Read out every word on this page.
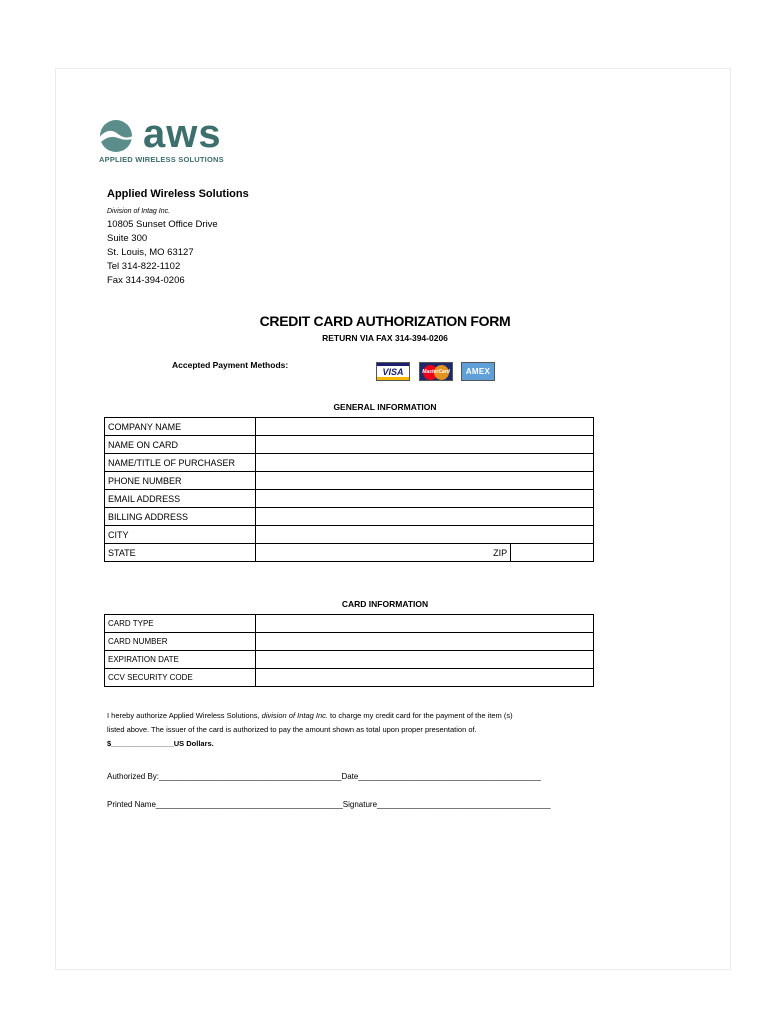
aws
APPLIED WIRELESS SOLUTIONS
Applied Wireless Solutions
Division of Intag Inc.
10805 Sunset Office Drive
Suite 300
St. Louis, MO 63127
Tel 314-822-1102
Fax 314-394-0206
CREDIT CARD AUTHORIZATION FORM
RETURN VIA FAX 314-394-0206
Accepted Payment Methods:
VISA	MasterCard AMEX
GENERAL INFORMATION
COMPANY NAME		
NAME ON CARD		
NAME/TITLE OF PURCHASER		
PHONE NUMBER		
EMAIL ADDRESS		
BILLING ADDRESS		
CITY		
STATE	ZIP	
CARD INFORMATION
CARD TYPE	
CARD NUMBER	
EXPIRATION DATE	
CCV SECURITY CODE	
I hereby authorize Applied Wireless Solutions, division of Intag Inc. to charge my credit card for the payment of the item (s)
listed above. The issuer of the card is authorized to pay the amount shown as total upon proper presentation of.
$_______________US Dollars.
Authorized By:_________________________________________Date_________________________________________
Printed Name__________________________________________Signature_______________________________________
